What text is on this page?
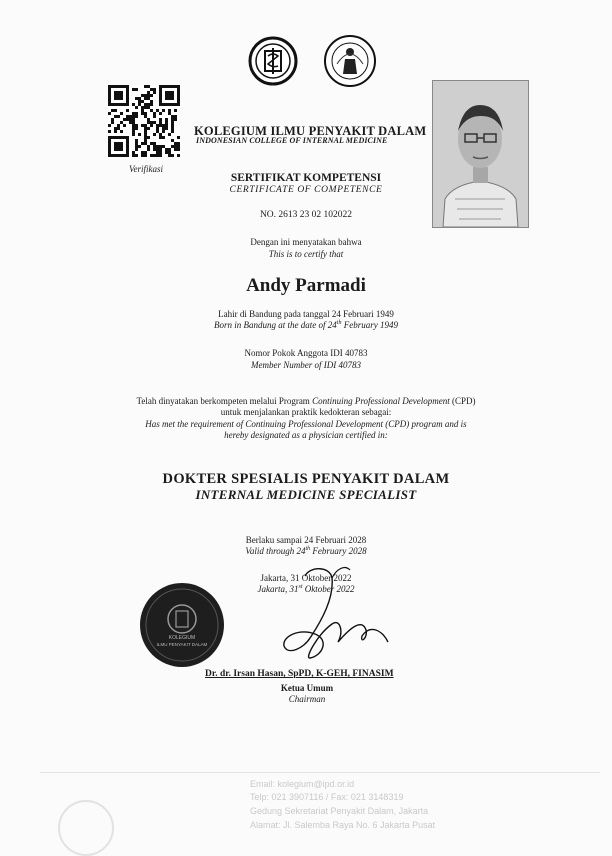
Verifikasi
KOLEGIUM ILMU PENYAKIT DALAM
INDONESIAN COLLEGE OF INTERNAL MEDICINE
SERTIFIKAT KOMPETENSI
CERTIFICATE OF COMPETENCE
NO. 2613 23 02 102022
Dengan ini menyatakan bahwa
This is to certify that
Andy Parmadi
Lahir di Bandung pada tanggal 24 Februari 1949
Born in Bandung at the date of 24th February 1949
Nomor Pokok Anggota IDI 40783
Member Number of IDI 40783
Telah dinyatakan berkompeten melalui Program Continuing Professional Development (CPD)
untuk menjalankan praktik kedokteran sebagai:
Has met the requirement of Continuing Professional Development (CPD) program and is
hereby designated as a physician certified in:
DOKTER SPESIALIS PENYAKIT DALAM
INTERNAL MEDICINE SPECIALIST
Berlaku sampai 24 Februari 2028
Valid through 24th February 2028
Jakarta, 31 Oktober 2022
Jakarta, 31st Oktober 2022
Dr. dr. Irsan Hasan, SpPD, K-GEH, FINASIM
Ketua Umum
Chairman
KOLEGIUM
ILMU PENYAKIT DALAM
Email: kolegium@ipd.or.id
Telp: 021 3907116 / Fax: 021 3148319
Gedung Sekretariat Penyakit Dalam, Jakarta
Alamat: Jl. Salemba Raya No. 6 Jakarta Pusat
